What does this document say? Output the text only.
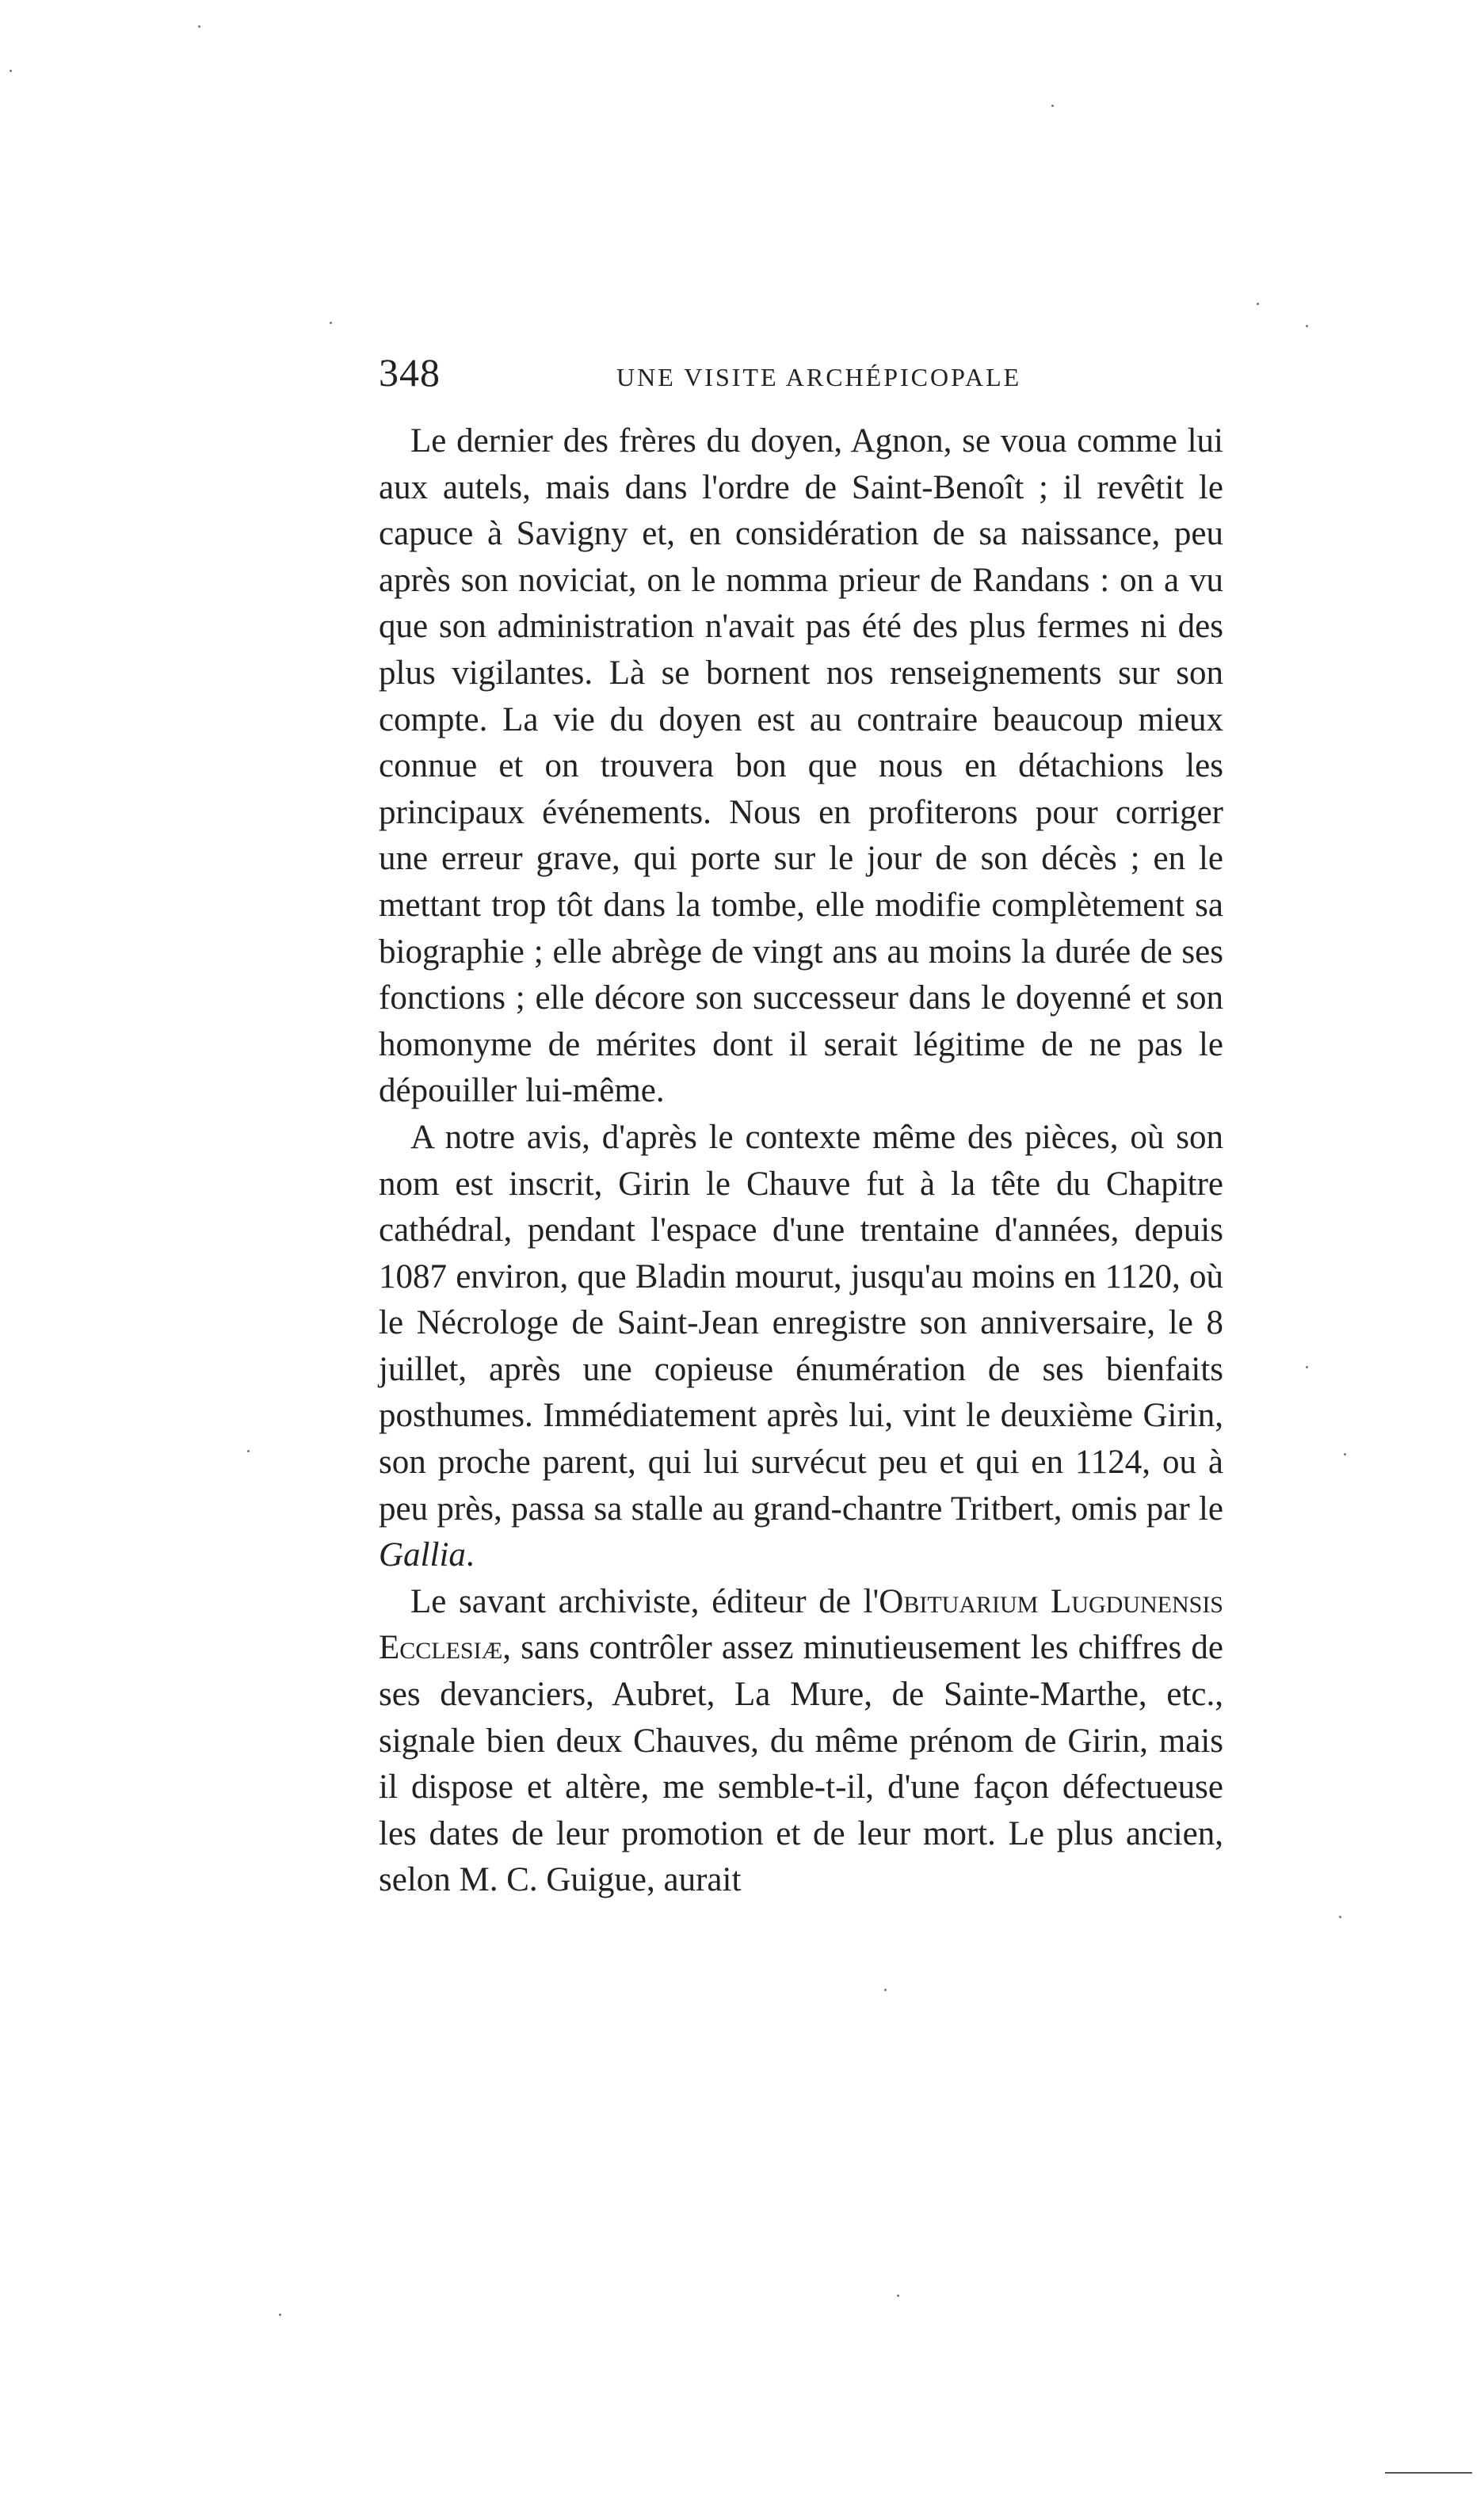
348	UNE VISITE ARCHÉPICOPALE

Le dernier des frères du doyen, Agnon, se voua comme lui aux autels, mais dans l'ordre de Saint-Benoît ; il revêtit le capuce à Savigny et, en considération de sa naissance, peu après son noviciat, on le nomma prieur de Randans : on a vu que son administration n'avait pas été des plus fermes ni des plus vigilantes. Là se bornent nos renseignements sur son compte. La vie du doyen est au contraire beaucoup mieux connue et on trouvera bon que nous en détachions les principaux événements. Nous en profiterons pour corriger une erreur grave, qui porte sur le jour de son décès ; en le mettant trop tôt dans la tombe, elle modifie complètement sa biographie ; elle abrège de vingt ans au moins la durée de ses fonctions ; elle décore son successeur dans le doyenné et son homonyme de mérites dont il serait légitime de ne pas le dépouiller lui-même.

A notre avis, d'après le contexte même des pièces, où son nom est inscrit, Girin le Chauve fut à la tête du Chapitre cathédral, pendant l'espace d'une trentaine d'années, depuis 1087 environ, que Bladin mourut, jusqu'au moins en 1120, où le Nécrologe de Saint-Jean enregistre son anniversaire, le 8 juillet, après une copieuse énumération de ses bienfaits posthumes. Immédiatement après lui, vint le deuxième Girin, son proche parent, qui lui survécut peu et qui en 1124, ou à peu près, passa sa stalle au grand-chantre Tritbert, omis par le Gallia.

Le savant archiviste, éditeur de l'Obituarium Lugdunensis Ecclesiæ, sans contrôler assez minutieusement les chiffres de ses devanciers, Aubret, La Mure, de Sainte-Marthe, etc., signale bien deux Chauves, du même prénom de Girin, mais il dispose et altère, me semble-t-il, d'une façon défectueuse les dates de leur promotion et de leur mort. Le plus ancien, selon M. C. Guigue, aurait
